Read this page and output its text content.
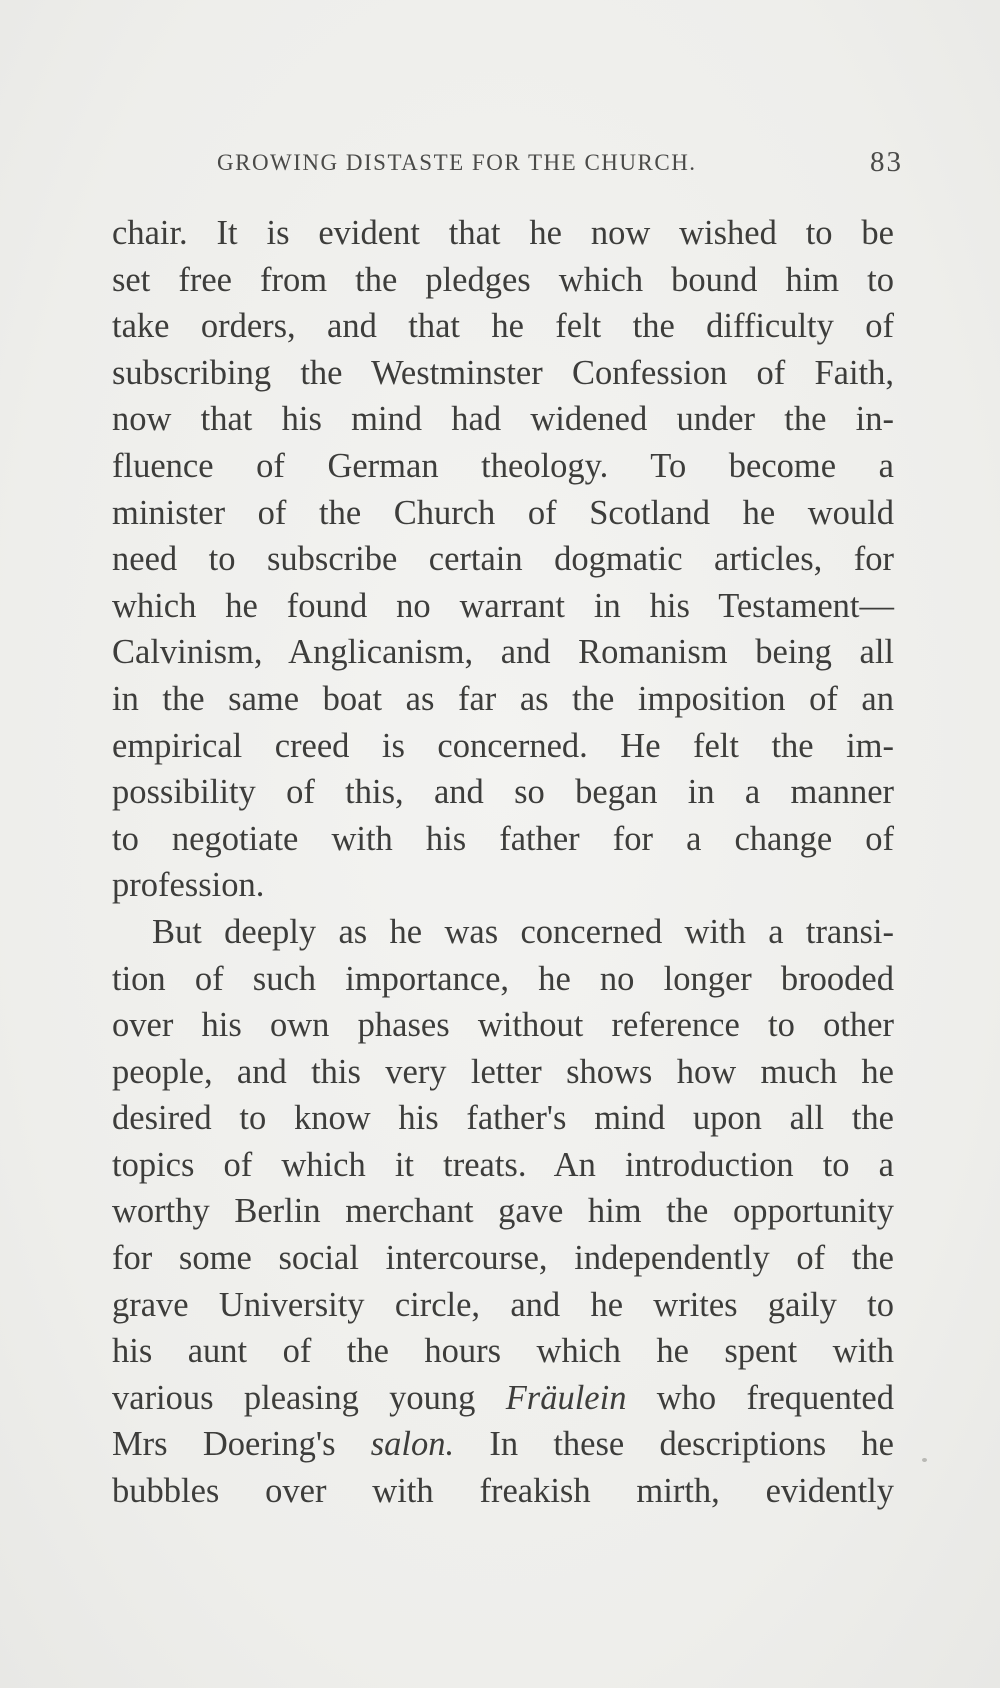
GROWING DISTASTE FOR THE CHURCH.	83
chair. It is evident that he now wished to be
set free from the pledges which bound him to
take orders, and that he felt the difficulty of
subscribing the Westminster Confession of Faith,
now that his mind had widened under the in-
fluence of German theology. To become a
minister of the Church of Scotland he would
need to subscribe certain dogmatic articles, for
which he found no warrant in his Testament—
Calvinism, Anglicanism, and Romanism being all
in the same boat as far as the imposition of an
empirical creed is concerned. He felt the im-
possibility of this, and so began in a manner
to negotiate with his father for a change of
profession.
But deeply as he was concerned with a transi-
tion of such importance, he no longer brooded
over his own phases without reference to other
people, and this very letter shows how much he
desired to know his father's mind upon all the
topics of which it treats. An introduction to a
worthy Berlin merchant gave him the opportunity
for some social intercourse, independently of the
grave University circle, and he writes gaily to
his aunt of the hours which he spent with
various pleasing young Fräulein who frequented
Mrs Doering's salon. In these descriptions he
bubbles over with freakish mirth, evidently
